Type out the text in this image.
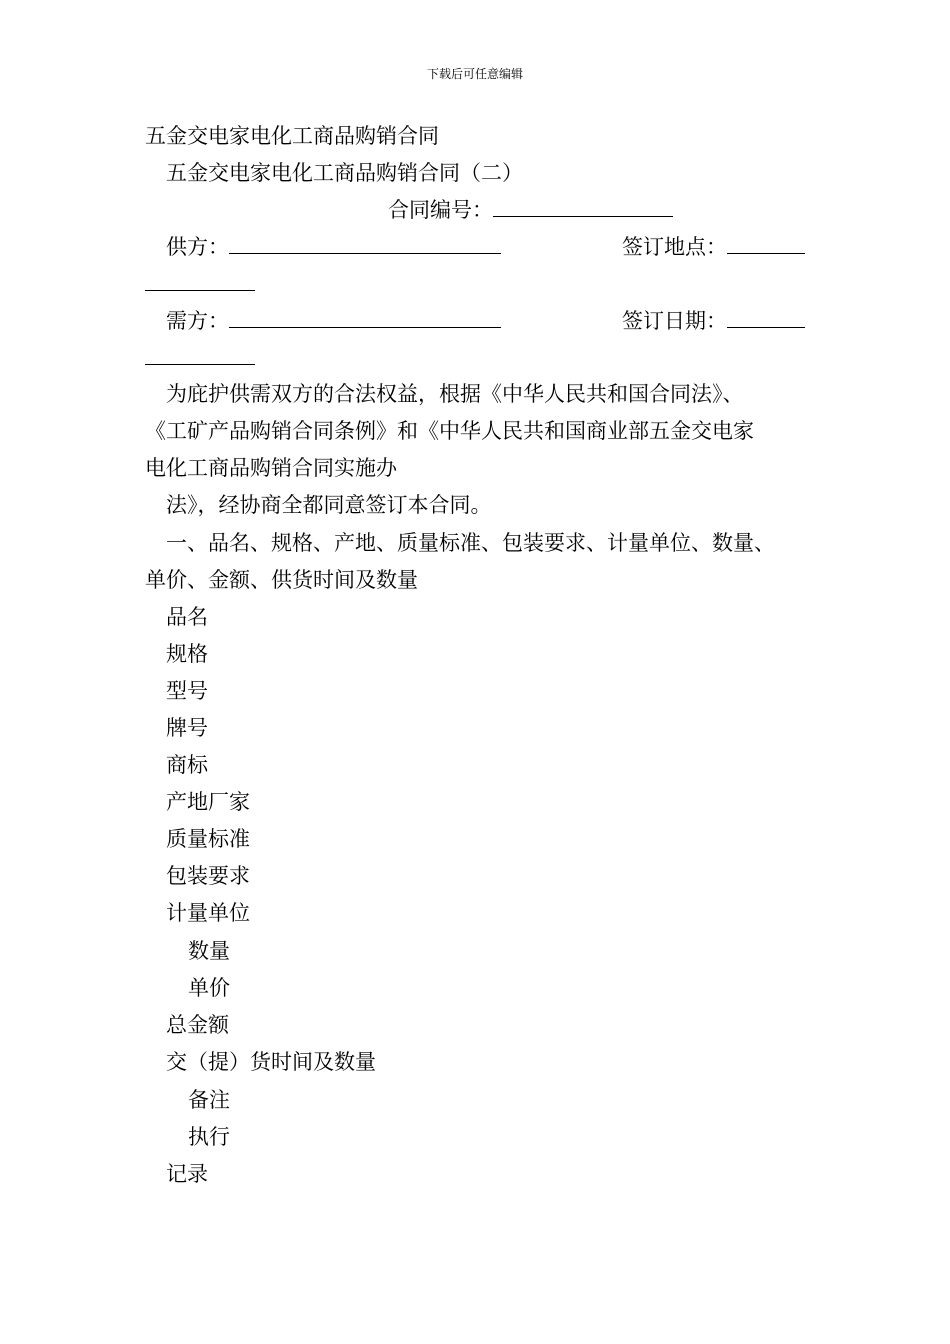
下载后可任意编辑
五金交电家电化工商品购销合同
五金交电家电化工商品购销合同（二）
合同编号：
供方：	签订地点：
需方：	签订日期：
为庇护供需双方的合法权益，根据《中华人民共和国合同法》、
《工矿产品购销合同条例》和《中华人民共和国商业部五金交电家
电化工商品购销合同实施办
法》，经协商全都同意签订本合同。
一、品名、规格、产地、质量标准、包装要求、计量单位、数量、
单价、金额、供货时间及数量
品名
规格
型号
牌号
商标
产地厂家
质量标准
包装要求
计量单位
数量
单价
总金额
交（提）货时间及数量
备注
执行
记录
